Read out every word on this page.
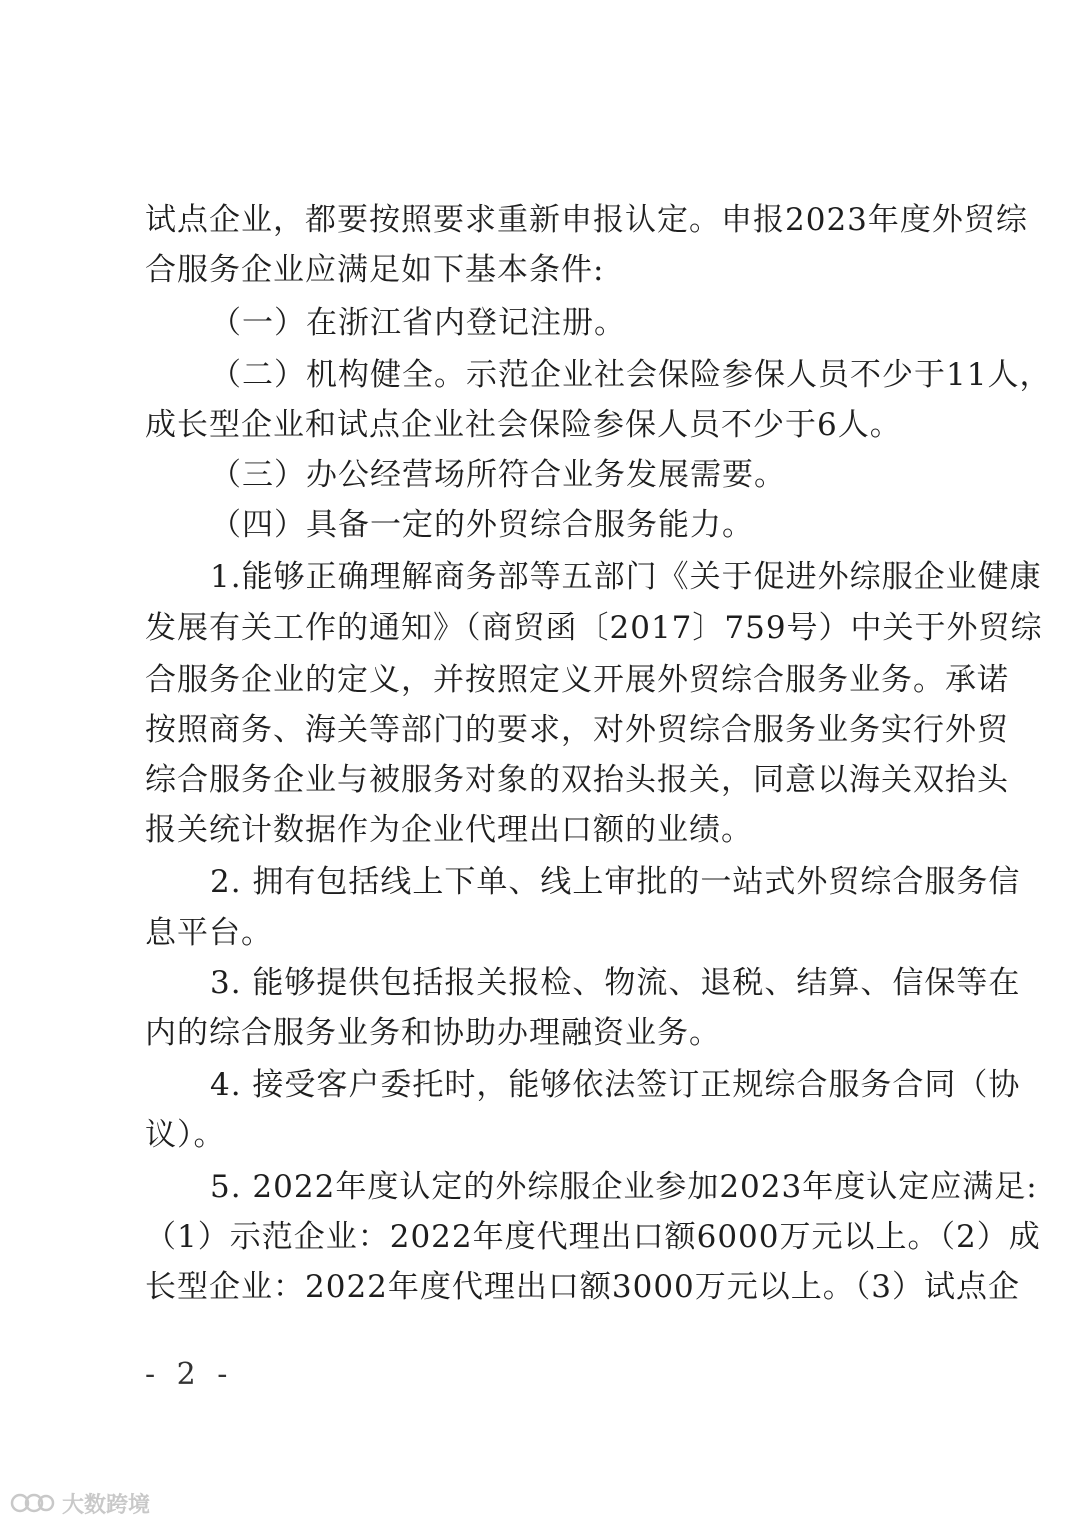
试点企业，都要按照要求重新申报认定。申报2023年度外贸综
合服务企业应满足如下基本条件:
（一）在浙江省内登记注册。
（二）机构健全。示范企业社会保险参保人员不少于11人，
成长型企业和试点企业社会保险参保人员不少于6人。
（三）办公经营场所符合业务发展需要。
（四）具备一定的外贸综合服务能力。
1.能够正确理解商务部等五部门《关于促进外综服企业健康
发展有关工作的通知》（商贸函〔2017〕759号）中关于外贸综
合服务企业的定义，并按照定义开展外贸综合服务业务。承诺
按照商务、海关等部门的要求，对外贸综合服务业务实行外贸
综合服务企业与被服务对象的双抬头报关，同意以海关双抬头
报关统计数据作为企业代理出口额的业绩。
2. 拥有包括线上下单、线上审批的一站式外贸综合服务信
息平台。
3. 能够提供包括报关报检、物流、退税、结算、信保等在
内的综合服务业务和协助办理融资业务。
4. 接受客户委托时，能够依法签订正规综合服务合同（协
议）。
5. 2022年度认定的外综服企业参加2023年度认定应满足:
（1）示范企业：2022年度代理出口额6000万元以上。（2）成
长型企业：2022年度代理出口额3000万元以上。（3）试点企
- 2 -
大数跨境
